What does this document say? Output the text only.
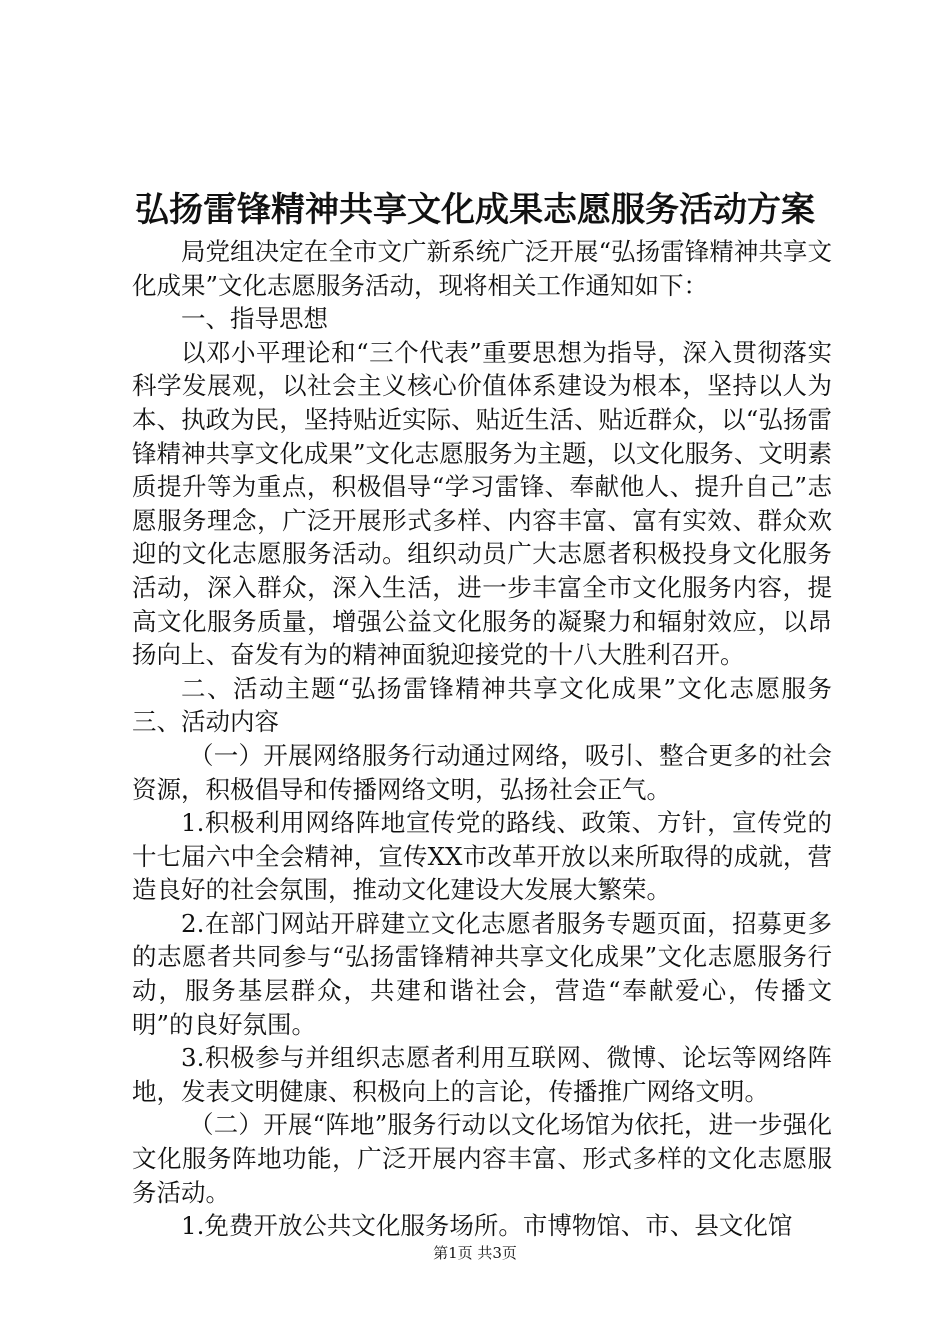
弘扬雷锋精神共享文化成果志愿服务活动方案

局党组决定在全市文广新系统广泛开展“弘扬雷锋精神共享文化成果”文化志愿服务活动，现将相关工作通知如下：

一、指导思想

以邓小平理论和“三个代表”重要思想为指导，深入贯彻落实科学发展观，以社会主义核心价值体系建设为根本，坚持以人为本、执政为民，坚持贴近实际、贴近生活、贴近群众，以“弘扬雷锋精神共享文化成果”文化志愿服务为主题，以文化服务、文明素质提升等为重点，积极倡导“学习雷锋、奉献他人、提升自己”志愿服务理念，广泛开展形式多样、内容丰富、富有实效、群众欢迎的文化志愿服务活动。组织动员广大志愿者积极投身文化服务活动，深入群众，深入生活，进一步丰富全市文化服务内容，提高文化服务质量，增强公益文化服务的凝聚力和辐射效应，以昂扬向上、奋发有为的精神面貌迎接党的十八大胜利召开。

二、活动主题“弘扬雷锋精神共享文化成果”文化志愿服务三、活动内容

（一）开展网络服务行动通过网络，吸引、整合更多的社会资源，积极倡导和传播网络文明，弘扬社会正气。

1.积极利用网络阵地宣传党的路线、政策、方针，宣传党的十七届六中全会精神，宣传XX市改革开放以来所取得的成就，营造良好的社会氛围，推动文化建设大发展大繁荣。

2.在部门网站开辟建立文化志愿者服务专题页面，招募更多的志愿者共同参与“弘扬雷锋精神共享文化成果”文化志愿服务行动，服务基层群众，共建和谐社会，营造“奉献爱心，传播文明”的良好氛围。

3.积极参与并组织志愿者利用互联网、微博、论坛等网络阵地，发表文明健康、积极向上的言论，传播推广网络文明。

（二）开展“阵地”服务行动以文化场馆为依托，进一步强化文化服务阵地功能，广泛开展内容丰富、形式多样的文化志愿服务活动。

1.免费开放公共文化服务场所。市博物馆、市、县文化馆

第1页 共3页
